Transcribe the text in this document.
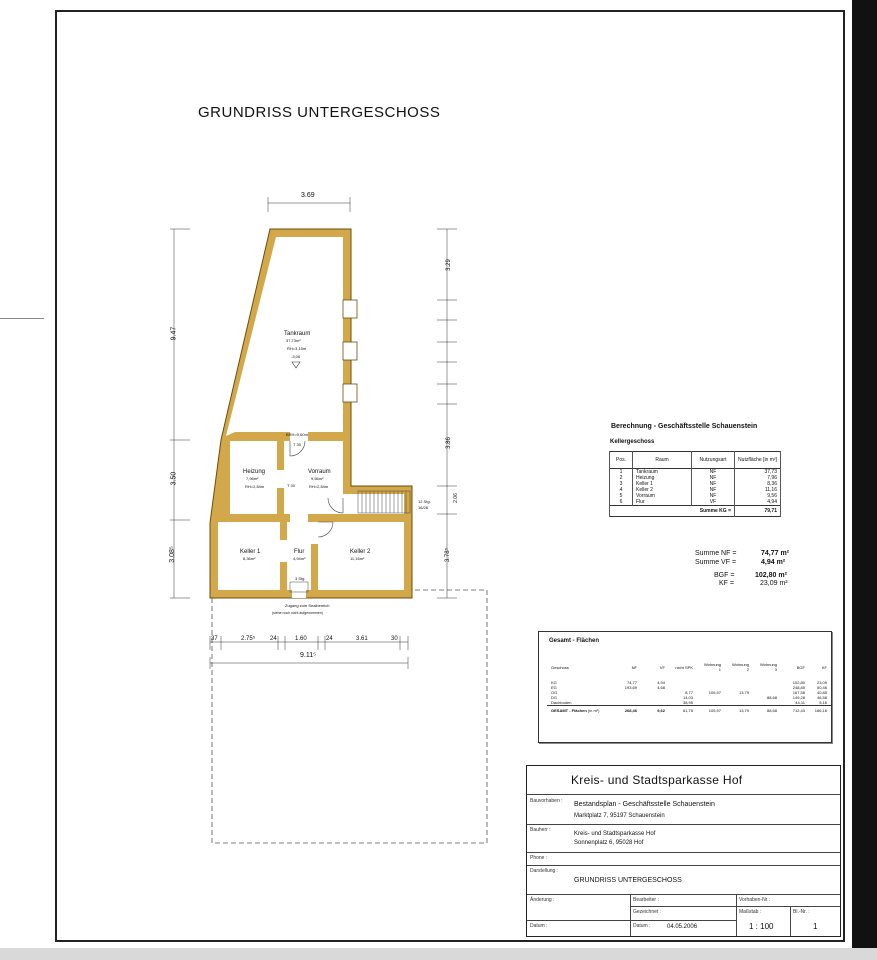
GRUNDRISS UNTERGESCHOSS
3.69
9.47
3.50
3.08⁵
3.29
3.86
3.78⁵
2.06
37	2.75⁵ 24	1.60	24	3.61	30
9.11⁵
Tankraum
37,73m²
RH=3,15m
-3,06
BRH=0,60m
T 30
T 30
Heizung
7,96m²
RH=2,84m
Vorraum
9,56m²
RH=2,84m
12 Stg.
16/28
Keller 1
8,36m²
Flur
4,94m²
Keller 2
11,16m²
3 Stg.
Zugang zum Sealbereich
(siehe noch nicht aufgenommen)
Berechnung - Geschäftsstelle Schauenstein
Kellergeschoss
Pos.	Raum	Nutzungsart	Nutzfläche [in m²]
1	Tankraum	NF	37,73
2	Heizung	NF	7,96
3	Keller 1	NF	8,36
4	Keller 2	NF	11,16
5	Vorraum	NF	9,56
6	Flur	VF	4,94
Summe KG =			79,71
Summe NF =	74,77 m²
Summe VF =	4,94 m²
BGF =	102,80 m²
KF =	23,09 m²
Gesamt - Flächen
Geschoss	NF	VF	nicht SPK	Wohnung 1	Wohnung 2	Wohnung 3	BGF	KF

KG	74,77	4,94					102,80	23,09
EG	193,69	4,68					248,85	50,46
OG			8,77	105,97	13,79		167,58	40,85
DG			14,03			88,68	149,28	46,58
Dachboden			38,95				44,11	5,16
GESAMT - Flächen (in m²)	268,46	9,62	61,75	105,97	13,79	88,68	712,43	166,16
Kreis- und Stadtsparkasse Hof
Bauvorhaben : Bestandsplan - Geschäftsstelle Schauenstein
Marktplatz 7, 95197 Schauenstein
Bauherr :
Kreis- und Stadtsparkasse Hof
Sonnenplatz 6, 95028 Hof
Phone :
Darstellung :
GRUNDRISS UNTERGESCHOSS
Änderung :	Bearbeiter :	Vorhaben-Nr :
Gezeichnet :	Maßstab :	Bl.-Nr. :
Datum :	Datum :	04.05.2006	1 : 100	1
